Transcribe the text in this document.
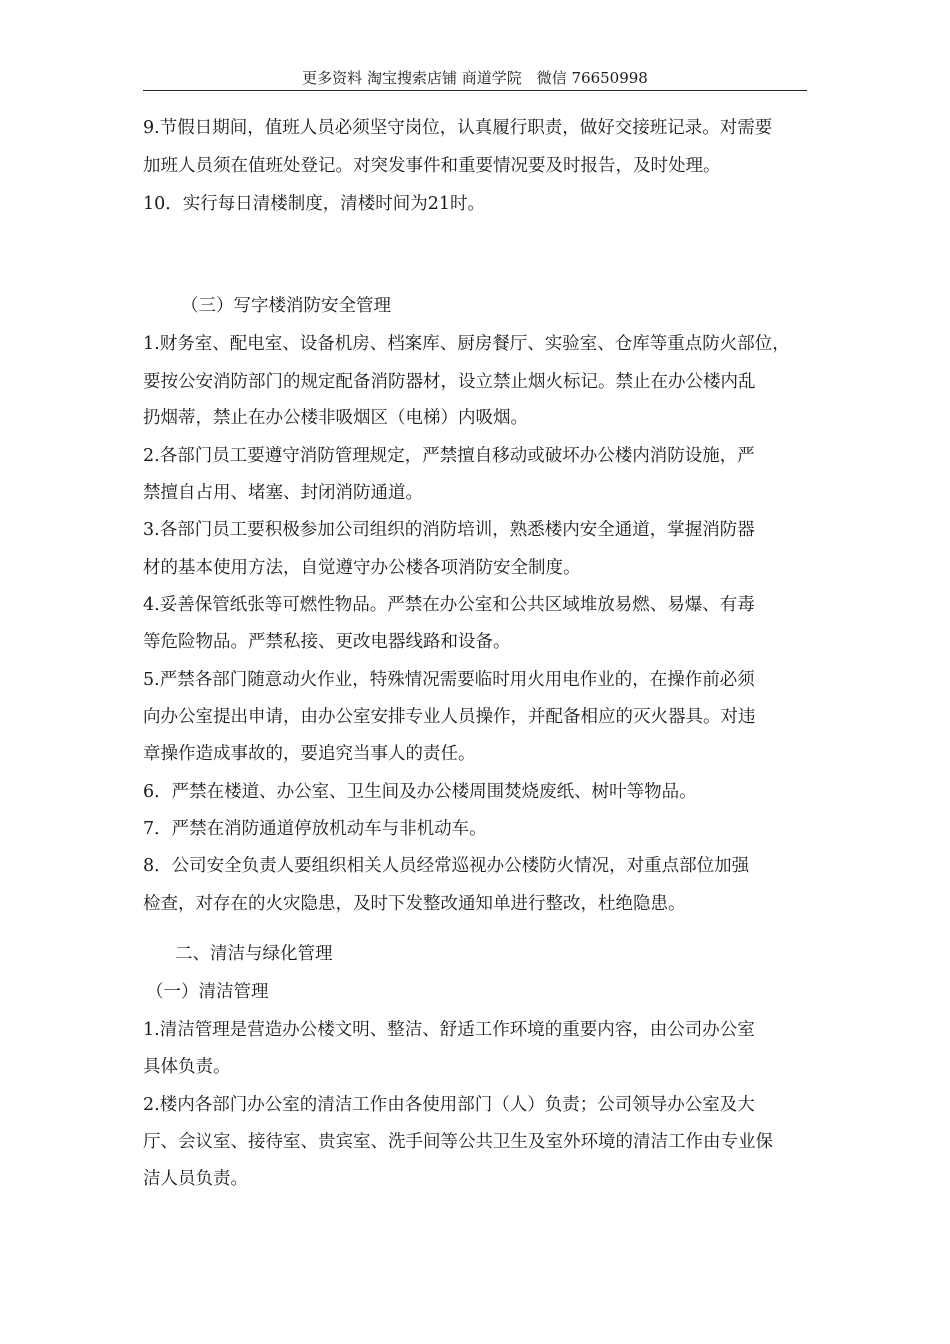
更多资料 淘宝搜索店铺 商道学院　微信 76650998
9.节假日期间，值班人员必须坚守岗位，认真履行职责，做好交接班记录。对需要
加班人员须在值班处登记。对突发事件和重要情况要及时报告，及时处理。
10．实行每日清楼制度，清楼时间为21时。
（三）写字楼消防安全管理
1.财务室、配电室、设备机房、档案库、厨房餐厅、实验室、仓库等重点防火部位，
要按公安消防部门的规定配备消防器材，设立禁止烟火标记。禁止在办公楼内乱
扔烟蒂，禁止在办公楼非吸烟区（电梯）内吸烟。
2.各部门员工要遵守消防管理规定，严禁擅自移动或破坏办公楼内消防设施，严
禁擅自占用、堵塞、封闭消防通道。
3.各部门员工要积极参加公司组织的消防培训，熟悉楼内安全通道，掌握消防器
材的基本使用方法，自觉遵守办公楼各项消防安全制度。
4.妥善保管纸张等可燃性物品。严禁在办公室和公共区域堆放易燃、易爆、有毒
等危险物品。严禁私接、更改电器线路和设备。
5.严禁各部门随意动火作业，特殊情况需要临时用火用电作业的，在操作前必须
向办公室提出申请，由办公室安排专业人员操作，并配备相应的灭火器具。对违
章操作造成事故的，要追究当事人的责任。
6．严禁在楼道、办公室、卫生间及办公楼周围焚烧废纸、树叶等物品。
7．严禁在消防通道停放机动车与非机动车。
8．公司安全负责人要组织相关人员经常巡视办公楼防火情况，对重点部位加强
检查，对存在的火灾隐患，及时下发整改通知单进行整改，杜绝隐患。
二、清洁与绿化管理
（一）清洁管理
1.清洁管理是营造办公楼文明、整洁、舒适工作环境的重要内容，由公司办公室
具体负责。
2.楼内各部门办公室的清洁工作由各使用部门（人）负责；公司领导办公室及大
厅、会议室、接待室、贵宾室、洗手间等公共卫生及室外环境的清洁工作由专业保
洁人员负责。
